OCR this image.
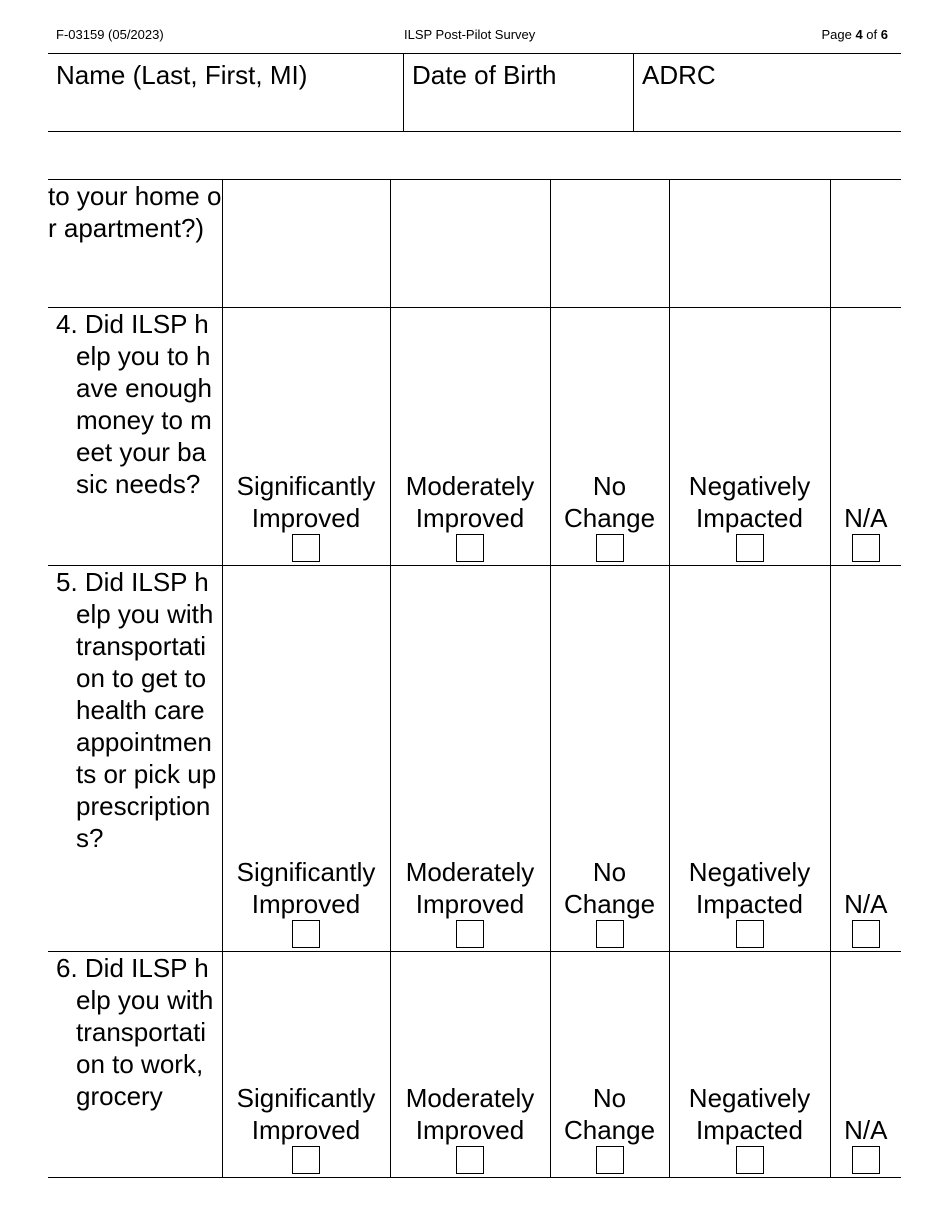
F-03159 (05/2023)	ILSP Post-Pilot Survey	Page 4 of 6
Name (Last, First, MI)	Date of Birth	ADRC
to your home or apartment?)					

4. Did ILSP help you to have enough money to meet your basic needs?	Significantly Improved	Moderately Improved	No Change	Negatively Impacted	N/A

5. Did ILSP help you with transportation to get to health care appointments or pick up prescriptions?	Significantly Improved	Moderately Improved	No Change	Negatively Impacted	N/A

6. Did ILSP help you with transportation to work, grocery	Significantly Improved	Moderately Improved	No Change	Negatively Impacted	N/A
